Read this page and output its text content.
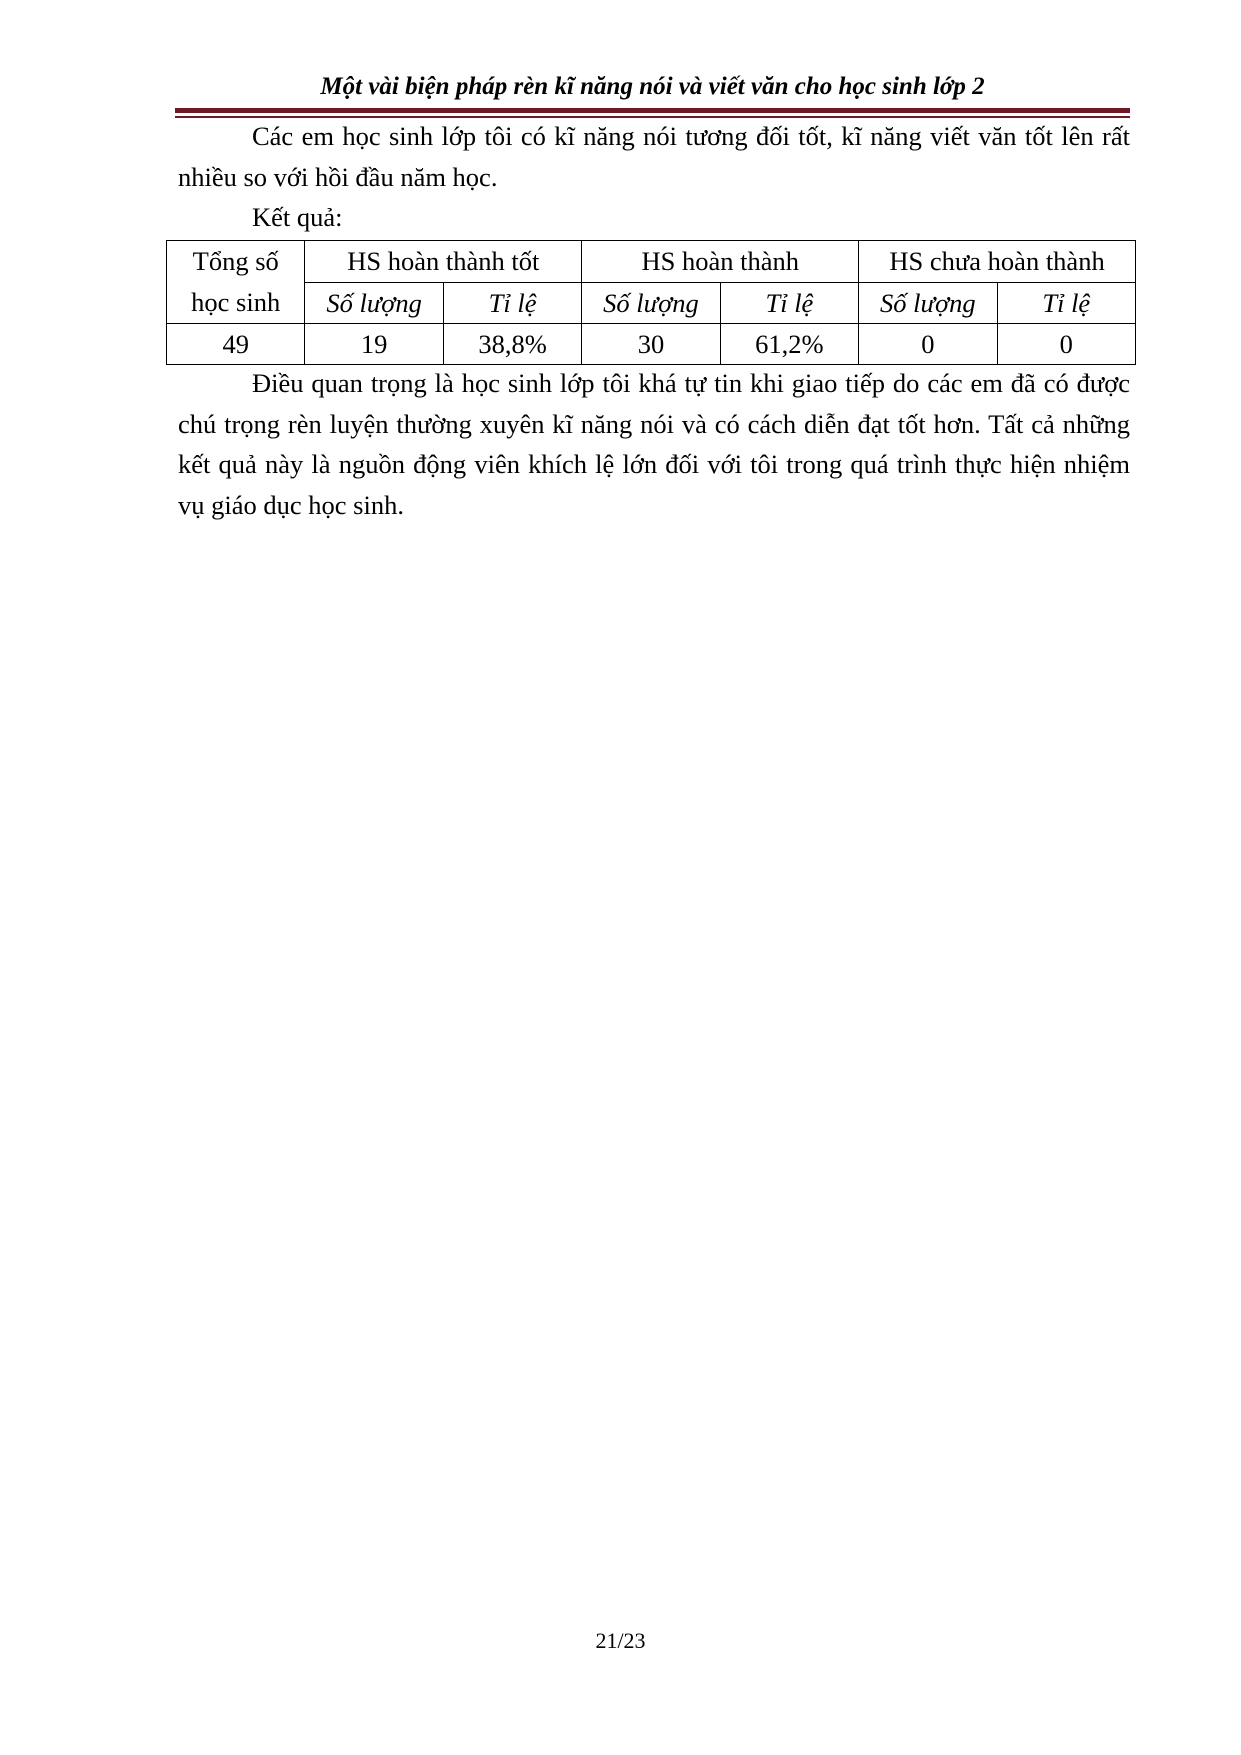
Một vài biện pháp rèn kĩ năng nói và viết văn cho học sinh lớp 2

Các em học sinh lớp tôi có kĩ năng nói tương đối tốt, kĩ năng viết văn tốt lên rất nhiều so với hồi đầu năm học.

Kết quả:

Tổng số
học sinh	HS hoàn thành tốt		HS hoàn thành		HS chưa hoàn thành	
	Số lượng	Tỉ lệ	Số lượng	Tỉ lệ	Số lượng	Tỉ lệ
49	19	38,8%	30	61,2%	0	0

Điều quan trọng là học sinh lớp tôi khá tự tin khi giao tiếp do các em đã có được chú trọng rèn luyện thường xuyên kĩ năng nói và có cách diễn đạt tốt hơn. Tất cả những kết quả này là nguồn động viên khích lệ lớn đối với tôi trong quá trình thực hiện nhiệm vụ giáo dục học sinh.

21/23
